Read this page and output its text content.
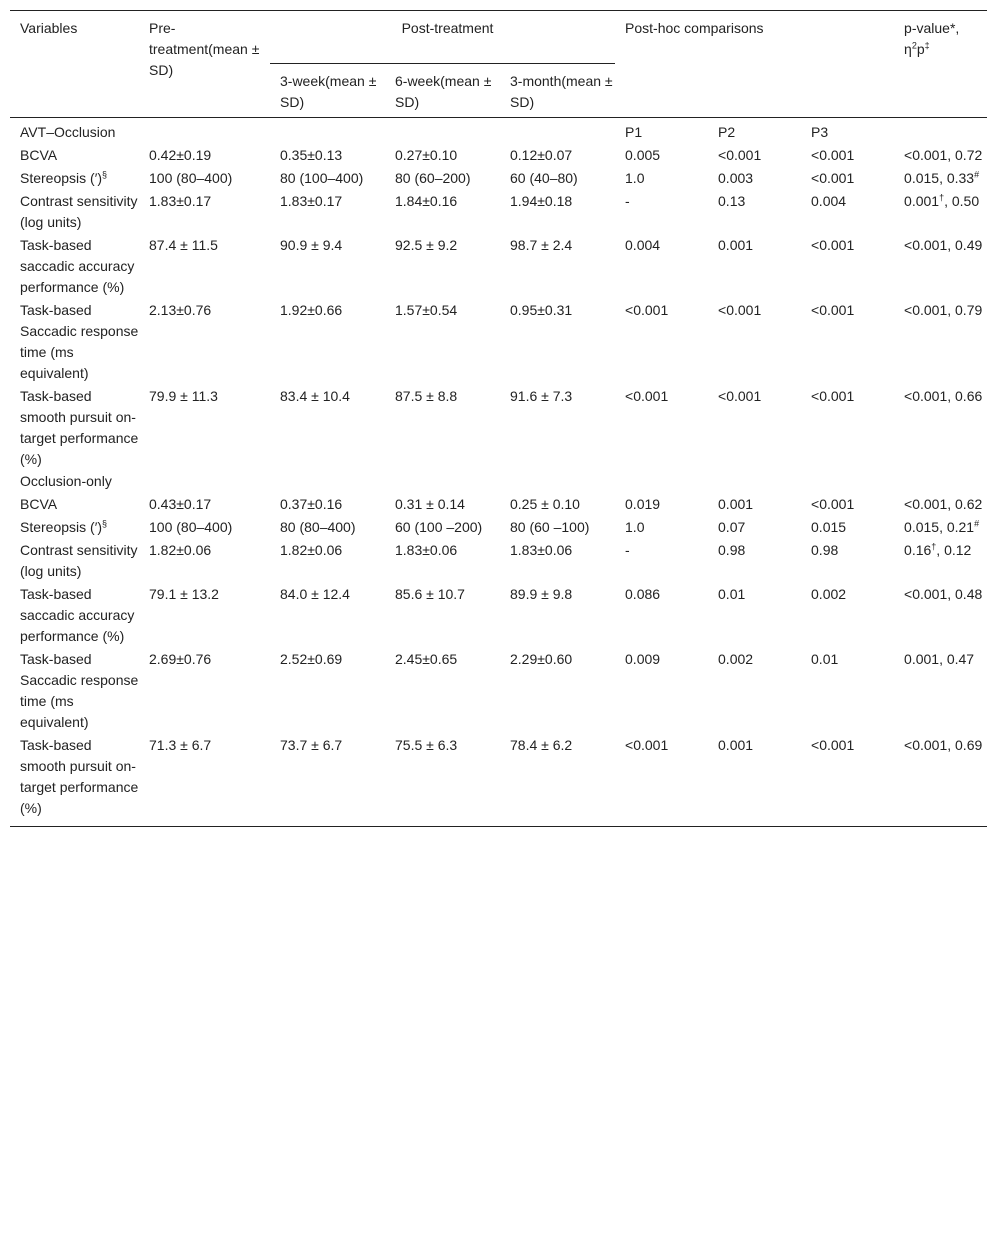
Variables	Pre-treatment(mean ± SD)	Post-treatment			Post-hoc comparisons			p-value*, $\eta^2p^\ddagger$
		3-week(mean ± SD)	6-week(mean ± SD)	3-month(mean ± SD)				
AVT–Occlusion					P1	P2	P3	
BCVA	0.42±0.19	0.35±0.13	0.27±0.10	0.12±0.07	0.005	<0.001	<0.001	<0.001, 0.72
Stereopsis (′)§	100 (80–400)	80 (100–400)	80 (60–200)	60 (40–80)	1.0	0.003	<0.001	0.015, 0.33#
Contrast sensitivity (log units)	1.83±0.17	1.83±0.17	1.84±0.16	1.94±0.18	-	0.13	0.004	0.001†, 0.50
Task-based saccadic accuracy performance (%)	87.4 ± 11.5	90.9 ± 9.4	92.5 ± 9.2	98.7 ± 2.4	0.004	0.001	<0.001	<0.001, 0.49
Task-based Saccadic response time (ms equivalent)	2.13±0.76	1.92±0.66	1.57±0.54	0.95±0.31	<0.001	<0.001	<0.001	<0.001, 0.79
Task-based smooth pursuit on-target performance (%)	79.9 ± 11.3	83.4 ± 10.4	87.5 ± 8.8	91.6 ± 7.3	<0.001	<0.001	<0.001	<0.001, 0.66
Occlusion-only								
BCVA	0.43±0.17	0.37±0.16	0.31 ± 0.14	0.25 ± 0.10	0.019	0.001	<0.001	<0.001, 0.62
Stereopsis (′)§	100 (80–400)	80 (80–400)	60 (100 –200)	80 (60 –100)	1.0	0.07	0.015	0.015, 0.21#
Contrast sensitivity (log units)	1.82±0.06	1.82±0.06	1.83±0.06	1.83±0.06	-	0.98	0.98	0.16†, 0.12
Task-based saccadic accuracy performance (%)	79.1 ± 13.2	84.0 ± 12.4	85.6 ± 10.7	89.9 ± 9.8	0.086	0.01	0.002	<0.001, 0.48
Task-based Saccadic response time (ms equivalent)	2.69±0.76	2.52±0.69	2.45±0.65	2.29±0.60	0.009	0.002	0.01	0.001, 0.47
Task-based smooth pursuit on-target performance (%)	71.3 ± 6.7	73.7 ± 6.7	75.5 ± 6.3	78.4 ± 6.2	<0.001	0.001	<0.001	<0.001, 0.69
